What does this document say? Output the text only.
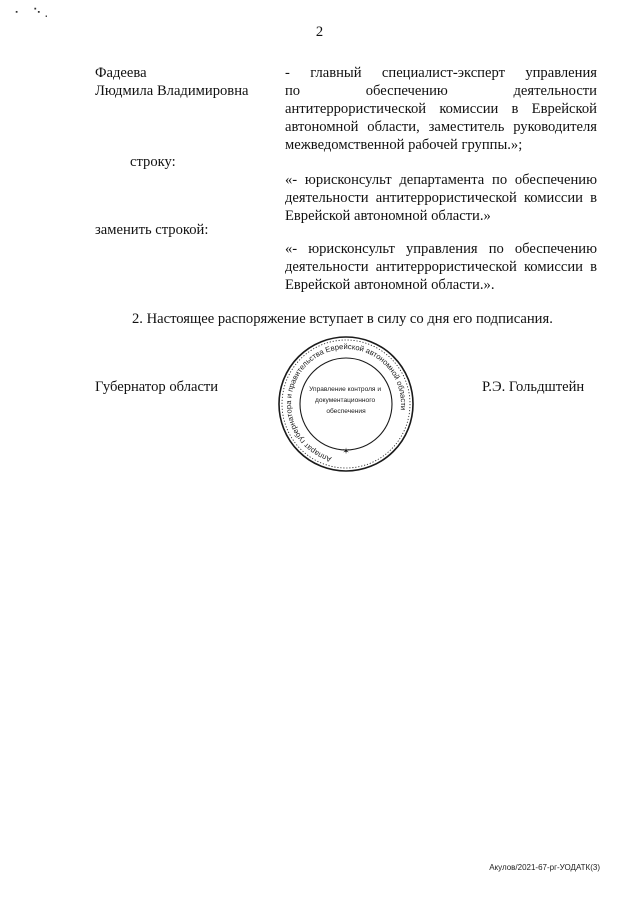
⠂ ⠑.
2
Фадеева
Людмила Владимировна
- главный специалист-эксперт управления
по обеспечению деятельности
антитеррористической комиссии в Еврейской
автономной области, заместитель руководителя
межведомственной рабочей группы.»;
строку:
«- юрисконсульт департамента по обеспечению
деятельности антитеррористической комиссии в
Еврейской автономной области.»
заменить строкой:
«- юрисконсульт управления по обеспечению
деятельности антитеррористической комиссии в
Еврейской автономной области.».
2. Настоящее распоряжение вступает в силу со дня его подписания.
Губернатор области	Р.Э. Гольдштейн
Аппарат губернатора и правительства Еврейской автономной области
✶
Управление контроля и документационного обеспечения
Акулов/2021-67-рг-УОДАТК(3)
